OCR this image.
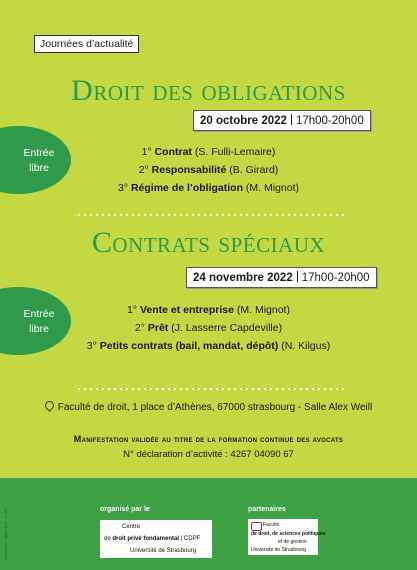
Journées d’actualité
Droit des obligations
20 octobre 2022 17h00-20h00
Entrée
libre
1° Contrat (S. Fulli-Lemaire)
2° Responsabilité (B. Girard)
3° Régime de l’obligation (M. Mignot)
Contrats spéciaux
24 novembre 2022 17h00-20h00
Entrée
libre
1° Vente et entreprise (M. Mignot)
2° Prêt (J. Lasserre Capdeville)
3° Petits contrats (bail, mandat, dépôt) (N. Kilgus)
Faculté de droit, 1 place d’Athènes, 67000 strasbourg - Salle Alex Weill
Manifestation validée au titre de la formation continue des avocats
N° déclaration d’activité : 4267 04090 67
Conception · studio doré · ©2022	organisé par le
Centre
de droit privé fondamental | CDPF
Université de Strasbourg
partenaires
Faculté
de droit, de sciences politiques
et de gestion
Université de Strasbourg
